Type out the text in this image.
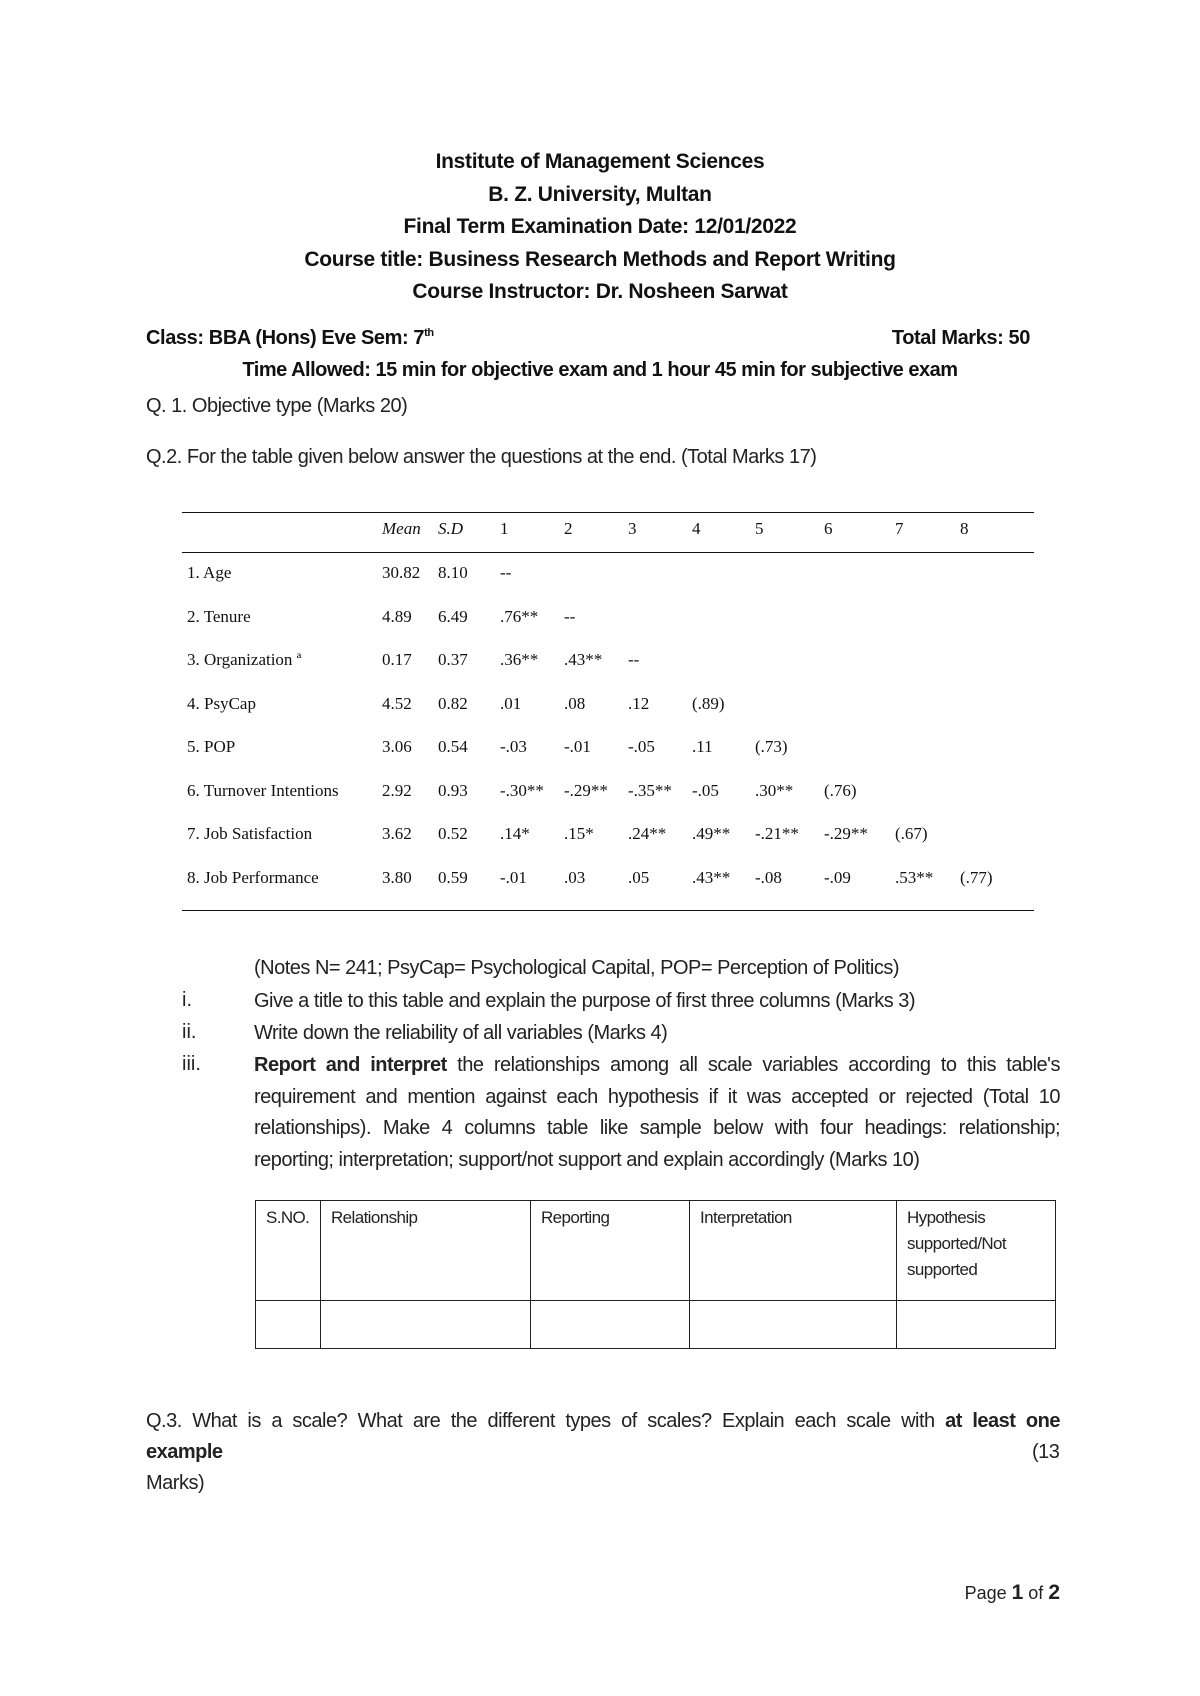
Institute of Management Sciences
B. Z. University, Multan
Final Term Examination Date: 12/01/2022
Course title: Business Research Methods and Report Writing
Course Instructor: Dr. Nosheen Sarwat
Class: BBA (Hons) Eve Sem: 7th	Total Marks: 50
Time Allowed: 15 min for objective exam and 1 hour 45 min for subjective exam
Q. 1. Objective type (Marks 20)
Q.2. For the table given below answer the questions at the end. (Total Marks 17)
Mean S.D 1	2	3	4	5	6	7	8
1. Age	30.82 8.10 --
2. Tenure	4.89 6.49 .76** --
3. Organization ª	0.17 0.37 .36** .43** --
4. PsyCap	4.52 0.82 .01	.08	.12	(.89)
5. POP	3.06 0.54 -.03 -.01 -.05 .11 (.73)
6. Turnover Intentions	2.92 0.93 -.30** -.29** -.35** -.05 .30** (.76)
7. Job Satisfaction	3.62 0.52 .14* .15* .24** .49** -.21** -.29** (.67)
8. Job Performance	3.80 0.59 -.01 .03	.05	.43** -.08 -.09	.53** (.77)
(Notes N= 241; PsyCap= Psychological Capital, POP= Perception of Politics)
i.	Give a title to this table and explain the purpose of first three columns (Marks 3)
ii.	Write down the reliability of all variables (Marks 4)
iii.	Report and interpret the relationships among all scale variables according to this table's
requirement and mention against each hypothesis if it was accepted or rejected (Total 10
relationships). Make 4 columns table like sample below with four headings: relationship;
reporting; interpretation; support/not support and explain accordingly (Marks 10)
S.NO.	Relationship	Reporting	Interpretation	Hypothesis
supported/Not
supported

Q.3. What is a scale? What are the different types of scales? Explain each scale with at least one
example	(13
Marks)
Page 1 of 2
